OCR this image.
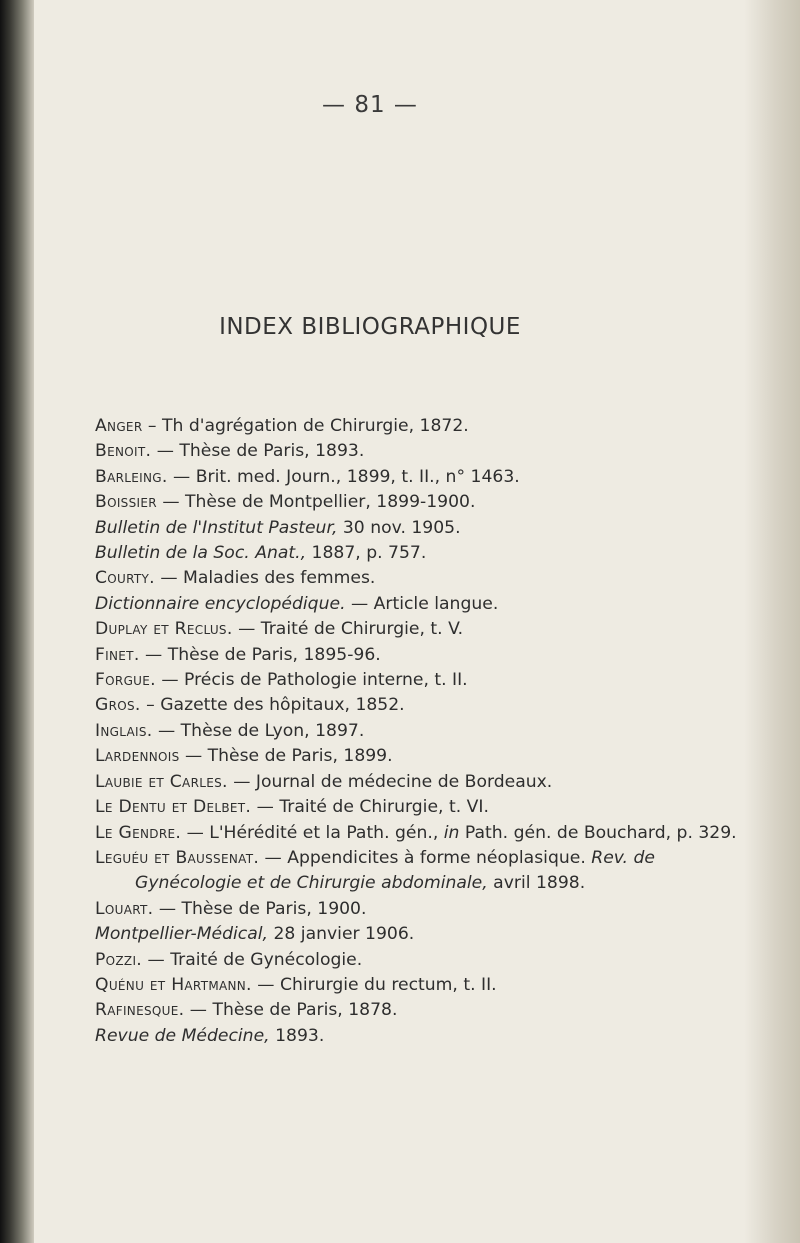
— 81 —
INDEX BIBLIOGRAPHIQUE
Anger – Th d'agrégation de Chirurgie, 1872.
Benoit. — Thèse de Paris, 1893.
Barleing. — Brit. med. Journ., 1899, t. II., n° 1463.
Boissier — Thèse de Montpellier, 1899-1900.
Bulletin de l'Institut Pasteur, 30 nov. 1905.
Bulletin de la Soc. Anat., 1887, p. 757.
Courty. — Maladies des femmes.
Dictionnaire encyclopédique. — Article langue.
Duplay et Reclus. — Traité de Chirurgie, t. V.
Finet. — Thèse de Paris, 1895-96.
Forgue. — Précis de Pathologie interne, t. II.
Gros. – Gazette des hôpitaux, 1852.
Inglais. — Thèse de Lyon, 1897.
Lardennois — Thèse de Paris, 1899.
Laubie et Carles. — Journal de médecine de Bordeaux.
Le Dentu et Delbet. — Traité de Chirurgie, t. VI.
Le Gendre. — L'Hérédité et la Path. gén., in Path. gén. de Bouchard, p. 329.
Leguéu et Baussenat. — Appendicites à forme néoplasique. Rev. de Gynécologie et de Chirurgie abdominale, avril 1898.
Louart. — Thèse de Paris, 1900.
Montpellier-Médical, 28 janvier 1906.
Pozzi. — Traité de Gynécologie.
Quénu et Hartmann. — Chirurgie du rectum, t. II.
Rafinesque. — Thèse de Paris, 1878.
Revue de Médecine, 1893.
